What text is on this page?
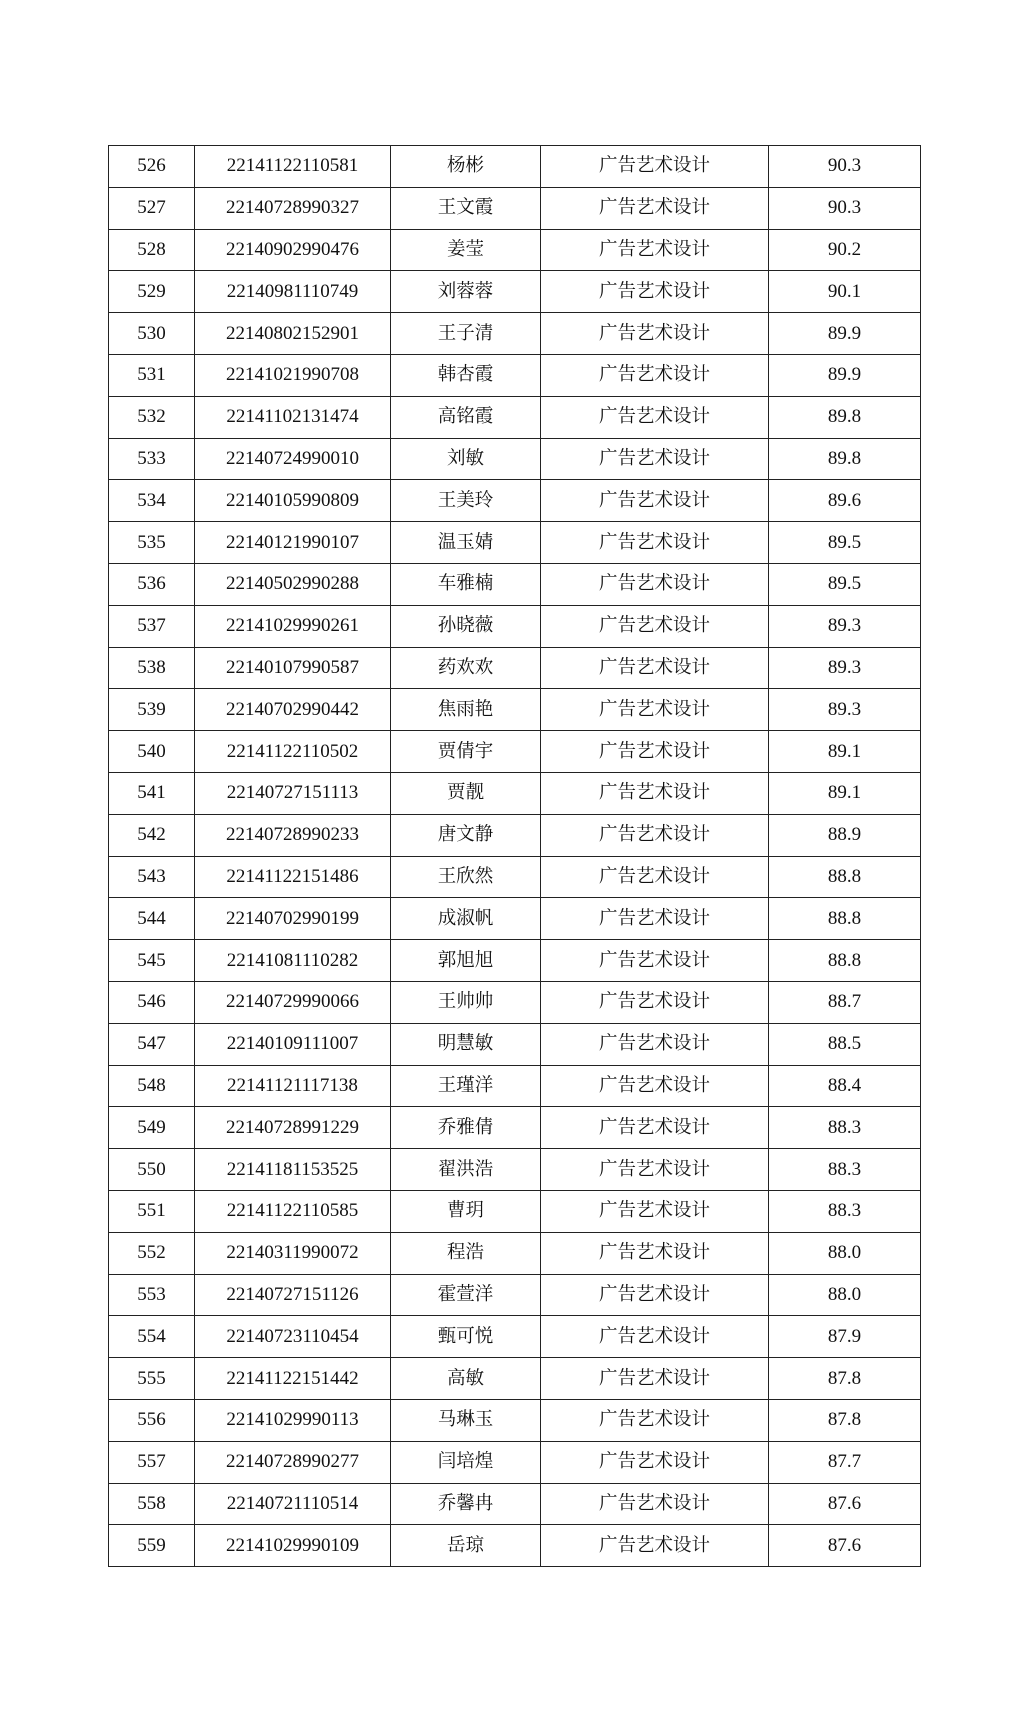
526	22141122110581	杨彬	广告艺术设计	90.3
527	22140728990327	王文霞	广告艺术设计	90.3
528	22140902990476	姜莹	广告艺术设计	90.2
529	22140981110749	刘蓉蓉	广告艺术设计	90.1
530	22140802152901	王子清	广告艺术设计	89.9
531	22141021990708	韩杏霞	广告艺术设计	89.9
532	22141102131474	高铭霞	广告艺术设计	89.8
533	22140724990010	刘敏	广告艺术设计	89.8
534	22140105990809	王美玲	广告艺术设计	89.6
535	22140121990107	温玉婧	广告艺术设计	89.5
536	22140502990288	车雅楠	广告艺术设计	89.5
537	22141029990261	孙晓薇	广告艺术设计	89.3
538	22140107990587	药欢欢	广告艺术设计	89.3
539	22140702990442	焦雨艳	广告艺术设计	89.3
540	22141122110502	贾倩宇	广告艺术设计	89.1
541	22140727151113	贾靓	广告艺术设计	89.1
542	22140728990233	唐文静	广告艺术设计	88.9
543	22141122151486	王欣然	广告艺术设计	88.8
544	22140702990199	成淑帆	广告艺术设计	88.8
545	22141081110282	郭旭旭	广告艺术设计	88.8
546	22140729990066	王帅帅	广告艺术设计	88.7
547	22140109111007	明慧敏	广告艺术设计	88.5
548	22141121117138	王瑾洋	广告艺术设计	88.4
549	22140728991229	乔雅倩	广告艺术设计	88.3
550	22141181153525	翟洪浩	广告艺术设计	88.3
551	22141122110585	曹玥	广告艺术设计	88.3
552	22140311990072	程浩	广告艺术设计	88.0
553	22140727151126	霍萱洋	广告艺术设计	88.0
554	22140723110454	甄可悦	广告艺术设计	87.9
555	22141122151442	高敏	广告艺术设计	87.8
556	22141029990113	马琳玉	广告艺术设计	87.8
557	22140728990277	闫培煌	广告艺术设计	87.7
558	22140721110514	乔馨冉	广告艺术设计	87.6
559	22141029990109	岳琼	广告艺术设计	87.6
